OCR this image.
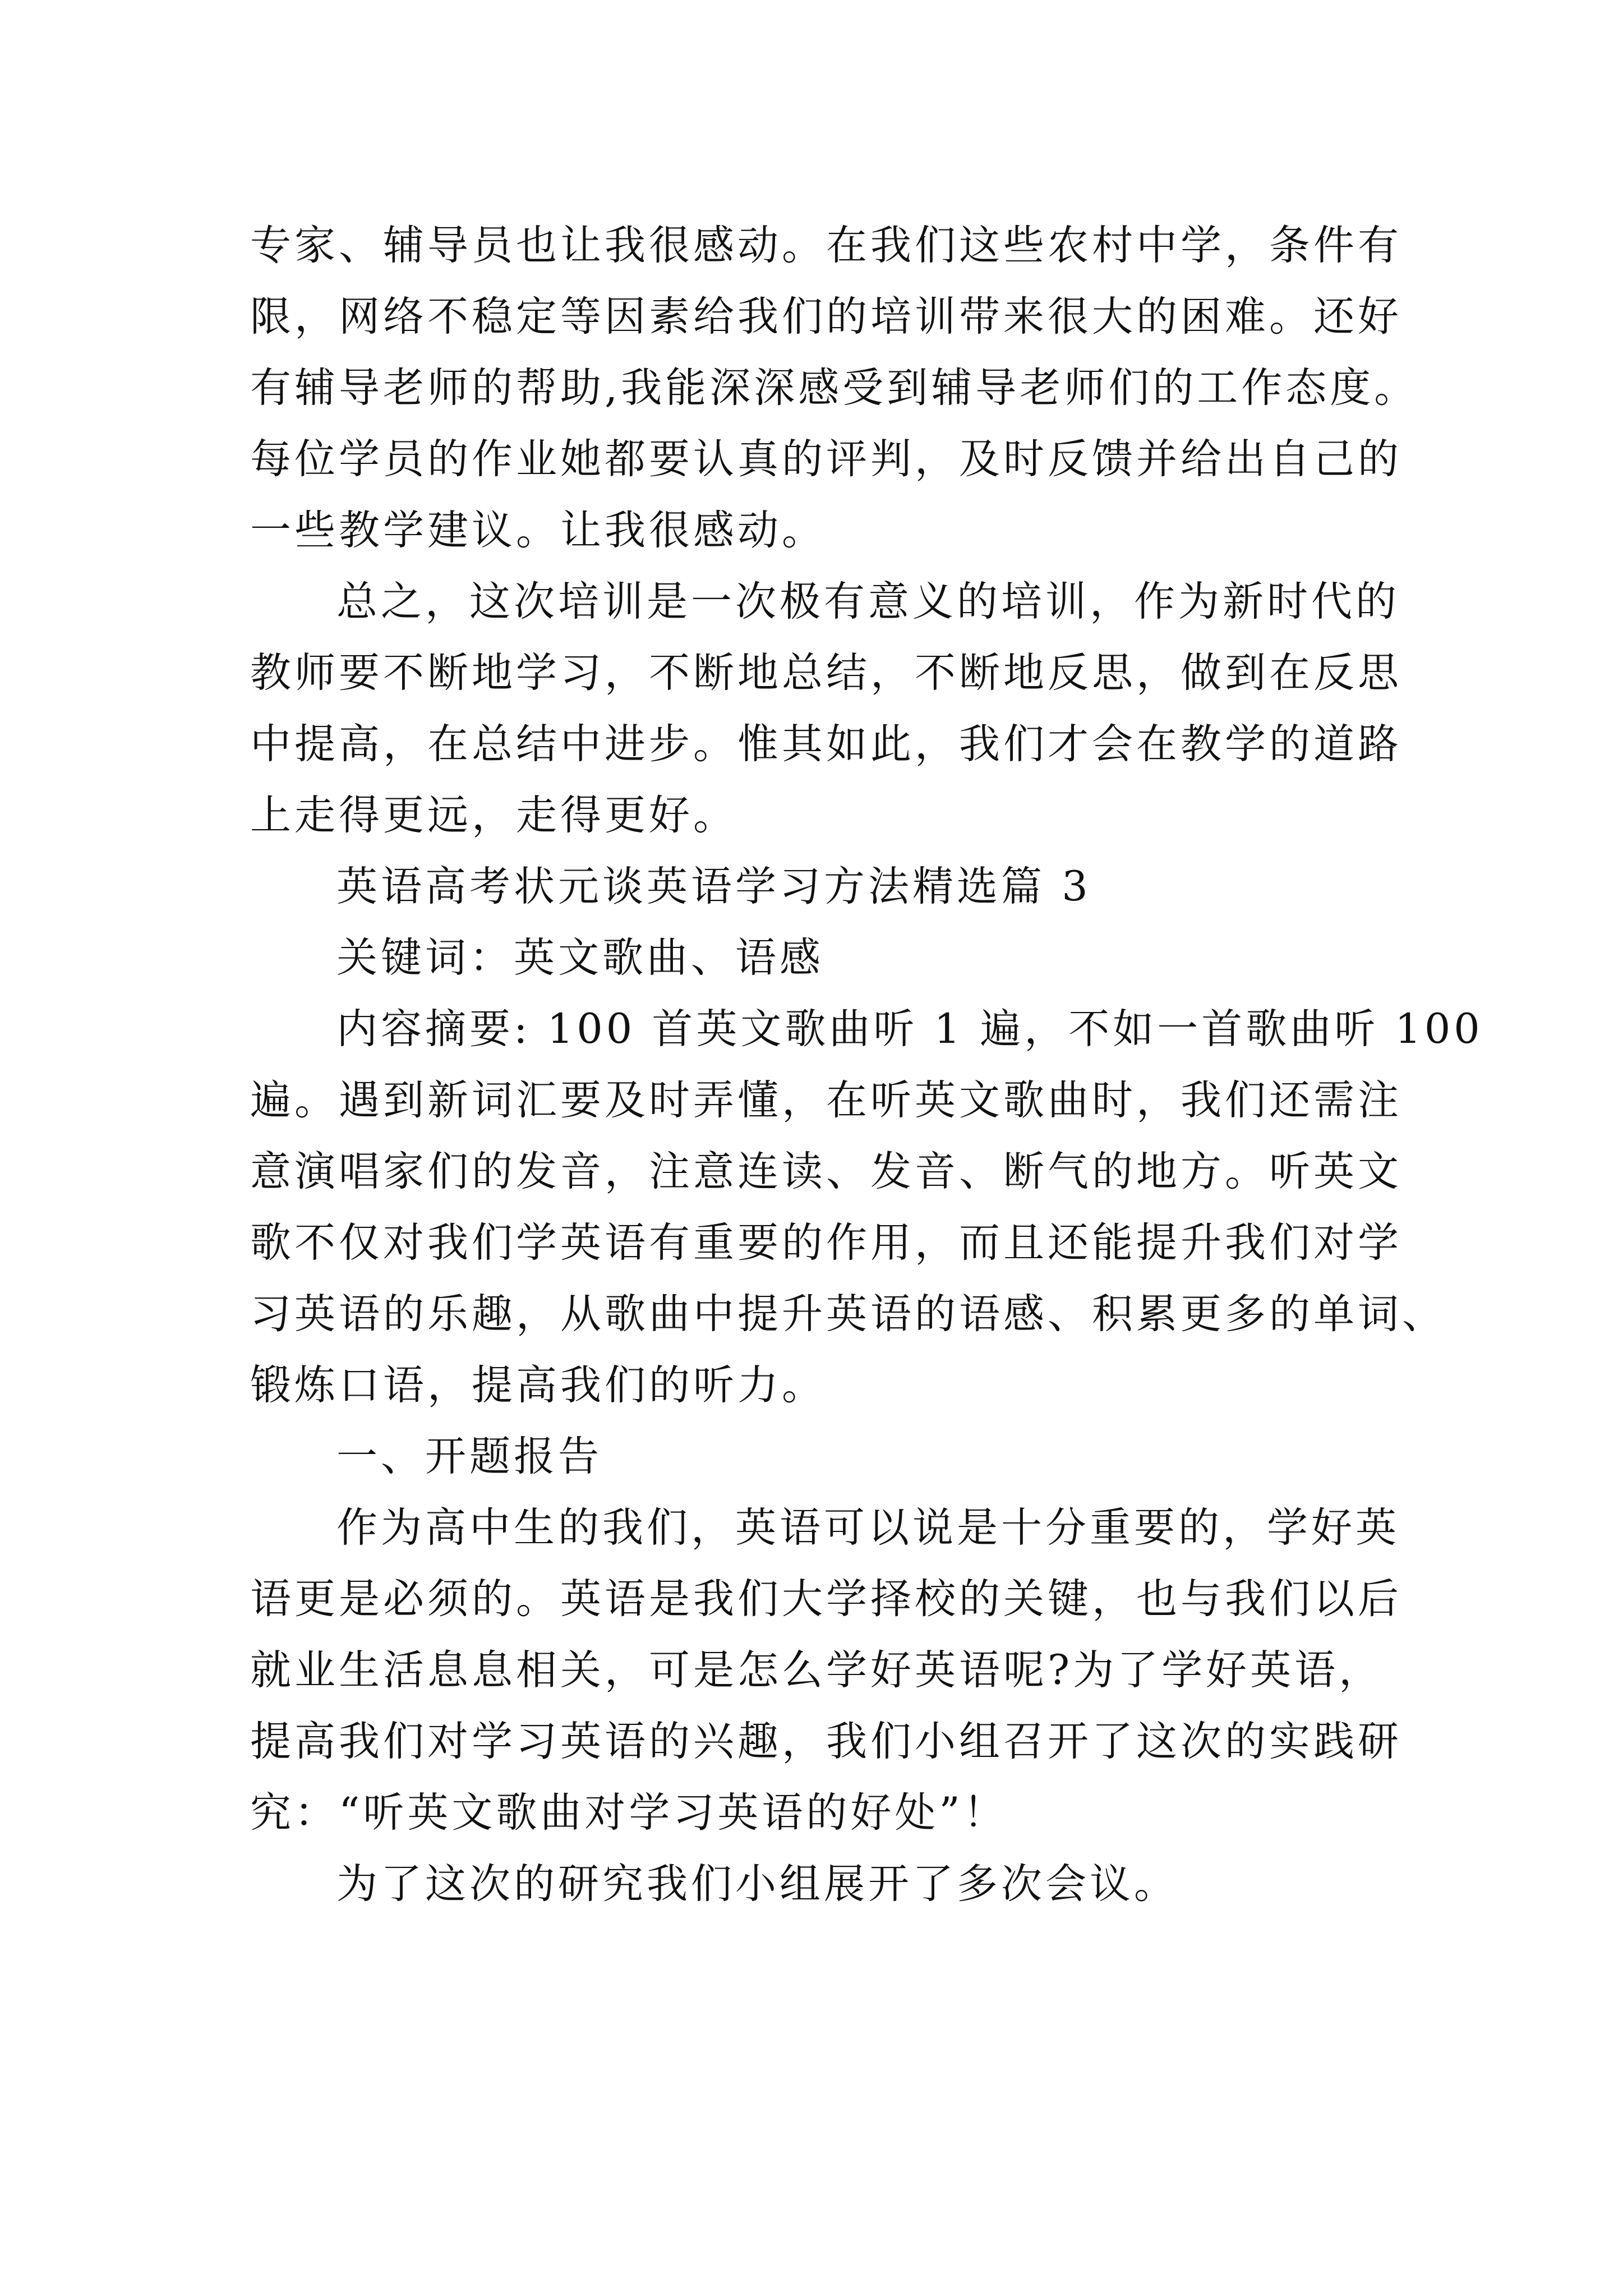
专家、辅导员也让我很感动。在我们这些农村中学，条件有
限，网络不稳定等因素给我们的培训带来很大的困难。还好
有辅导老师的帮助,我能深深感受到辅导老师们的工作态度。
每位学员的作业她都要认真的评判，及时反馈并给出自己的
一些教学建议。让我很感动。
总之，这次培训是一次极有意义的培训，作为新时代的
教师要不断地学习，不断地总结，不断地反思，做到在反思
中提高，在总结中进步。惟其如此，我们才会在教学的道路
上走得更远，走得更好。
英语高考状元谈英语学习方法精选篇 3
关键词：英文歌曲、语感
内容摘要: 100 首英文歌曲听 1 遍，不如一首歌曲听 100
遍。遇到新词汇要及时弄懂，在听英文歌曲时，我们还需注
意演唱家们的发音，注意连读、发音、断气的地方。听英文
歌不仅对我们学英语有重要的作用，而且还能提升我们对学
习英语的乐趣，从歌曲中提升英语的语感、积累更多的单词、
锻炼口语，提高我们的听力。
一、开题报告
作为高中生的我们，英语可以说是十分重要的，学好英
语更是必须的。英语是我们大学择校的关键，也与我们以后
就业生活息息相关，可是怎么学好英语呢?为了学好英语，
提高我们对学习英语的兴趣，我们小组召开了这次的实践研
究：“听英文歌曲对学习英语的好处”！
为了这次的研究我们小组展开了多次会议。
